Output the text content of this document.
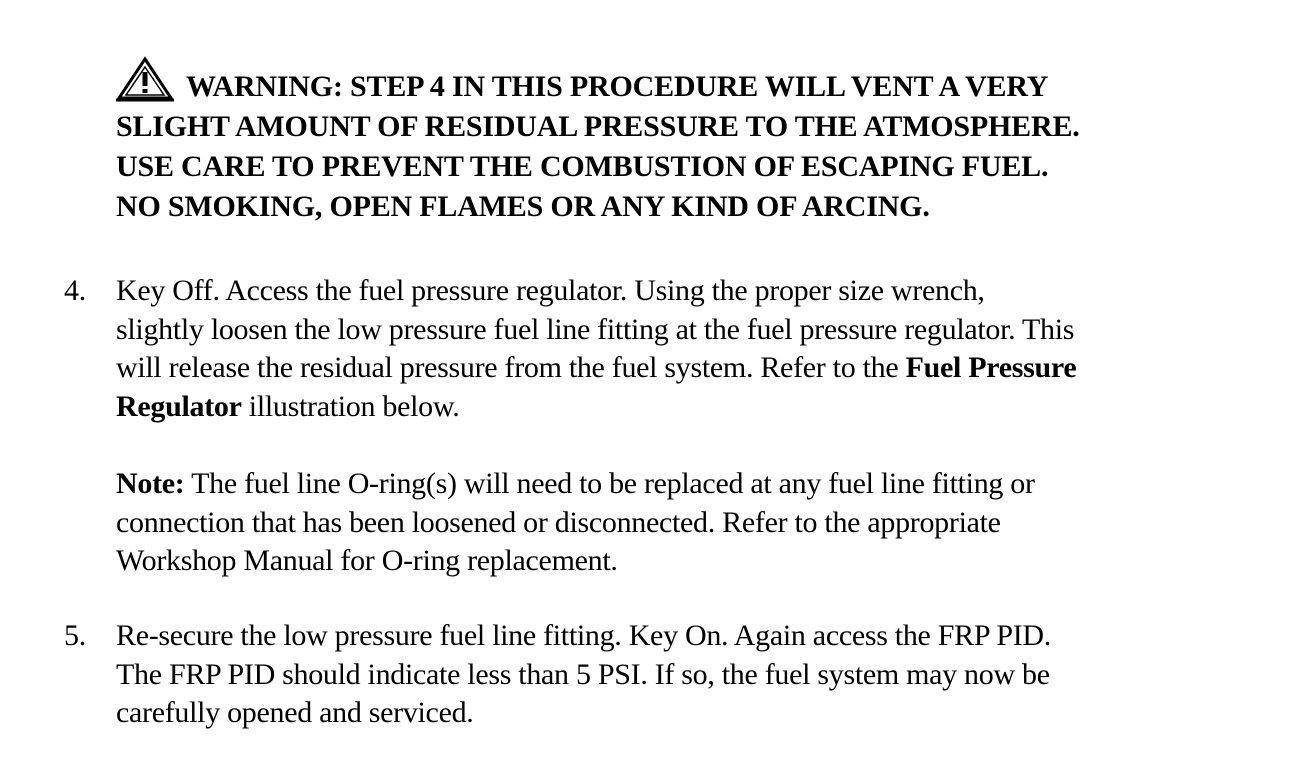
WARNING: STEP 4 IN THIS PROCEDURE WILL VENT A VERY
SLIGHT AMOUNT OF RESIDUAL PRESSURE TO THE ATMOSPHERE.
USE CARE TO PREVENT THE COMBUSTION OF ESCAPING FUEL.
NO SMOKING, OPEN FLAMES OR ANY KIND OF ARCING.
4. Key Off. Access the fuel pressure regulator. Using the proper size wrench,
slightly loosen the low pressure fuel line fitting at the fuel pressure regulator. This
will release the residual pressure from the fuel system. Refer to the Fuel Pressure
Regulator illustration below.
Note: The fuel line O-ring(s) will need to be replaced at any fuel line fitting or
connection that has been loosened or disconnected. Refer to the appropriate
Workshop Manual for O-ring replacement.
5. Re-secure the low pressure fuel line fitting. Key On. Again access the FRP PID.
The FRP PID should indicate less than 5 PSI. If so, the fuel system may now be
carefully opened and serviced.
